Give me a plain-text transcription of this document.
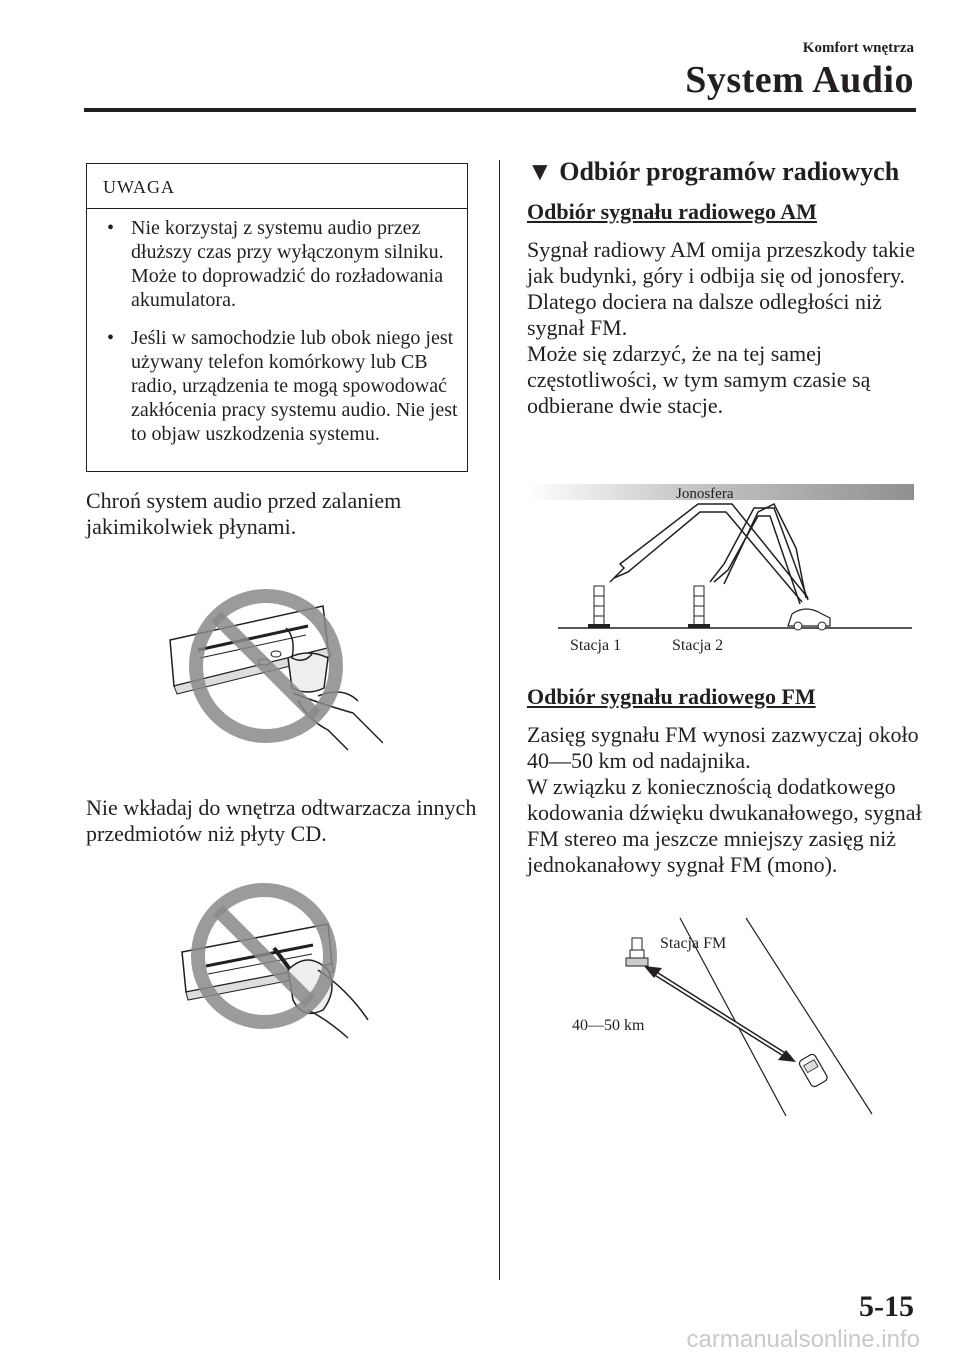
Komfort wnętrza
System Audio
UWAGA
• Nie korzystaj z systemu audio przez dłuższy czas przy wyłączonym silniku. Może to doprowadzić do rozładowania akumulatora.
• Jeśli w samochodzie lub obok niego jest używany telefon komórkowy lub CB radio, urządzenia te mogą spowodować zakłócenia pracy systemu audio. Nie jest to objaw uszkodzenia systemu.
Chroń system audio przed zalaniem jakimikolwiek płynami.
Nie wkładaj do wnętrza odtwarzacza innych przedmiotów niż płyty CD.
▼ Odbiór programów radiowych
Odbiór sygnału radiowego AM
Sygnał radiowy AM omija przeszkody takie jak budynki, góry i odbija się od jonosfery.
Dlatego dociera na dalsze odległości niż sygnał FM.
Może się zdarzyć, że na tej samej częstotliwości, w tym samym czasie są odbierane dwie stacje.
Jonosfera
Stacja 1	Stacja 2
Odbiór sygnału radiowego FM
Zasięg sygnału FM wynosi zazwyczaj około 40―50 km od nadajnika.
W związku z koniecznością dodatkowego kodowania dźwięku dwukanałowego, sygnał FM stereo ma jeszcze mniejszy zasięg niż jednokanałowy sygnał FM (mono).
Stacja FM
40―50 km
5-15
carmanualsonline.info
